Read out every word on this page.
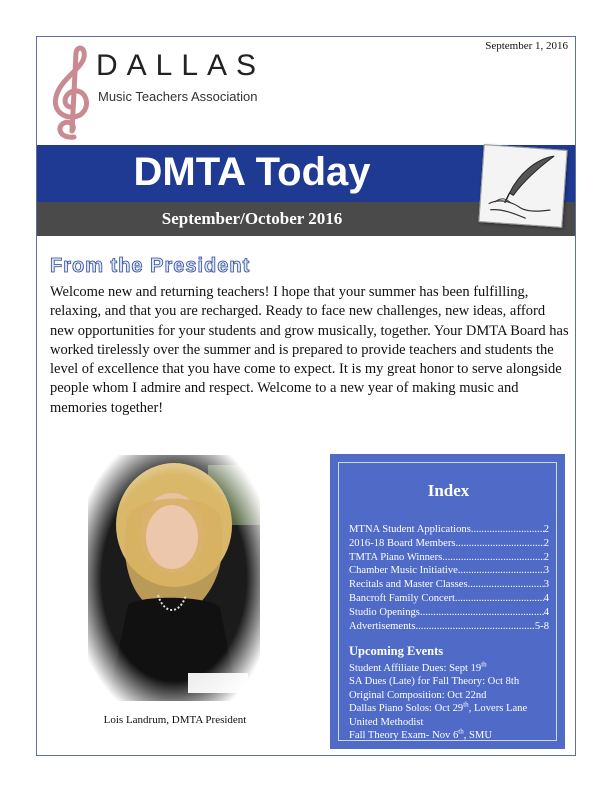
September 1, 2016
DALLAS
Music Teachers Association
DMTA Today
September/October 2016
From the President

Welcome new and returning teachers! I hope that your summer has been fulfilling, relaxing, and that you are recharged. Ready to face new challenges, new ideas, afford new opportunities for your students and grow musically, together. Your DMTA Board has worked tirelessly over the summer and is prepared to provide teachers and students the level of excellence that you have come to expect. It is my great honor to serve alongside people whom I admire and respect. Welcome to a new year of making music and memories together!

Lois Landrum, DMTA President
Index
MTNA Student Applications .....	2
2016-18 Board Members .....	2
TMTA Piano Winners .....	2
Chamber Music Initiative .....	3
Recitals and Master Classes .....	3
Bancroft Family Concert .....	4
Studio Openings .....	4
Advertisements .....	5-8
Upcoming Events
Student Affiliate Dues: Sept 19th
SA Dues (Late) for Fall Theory: Oct 8th
Original Composition: Oct 22nd
Dallas Piano Solos: Oct 29th, Lovers Lane United Methodist
Fall Theory Exam- Nov 6th, SMU
